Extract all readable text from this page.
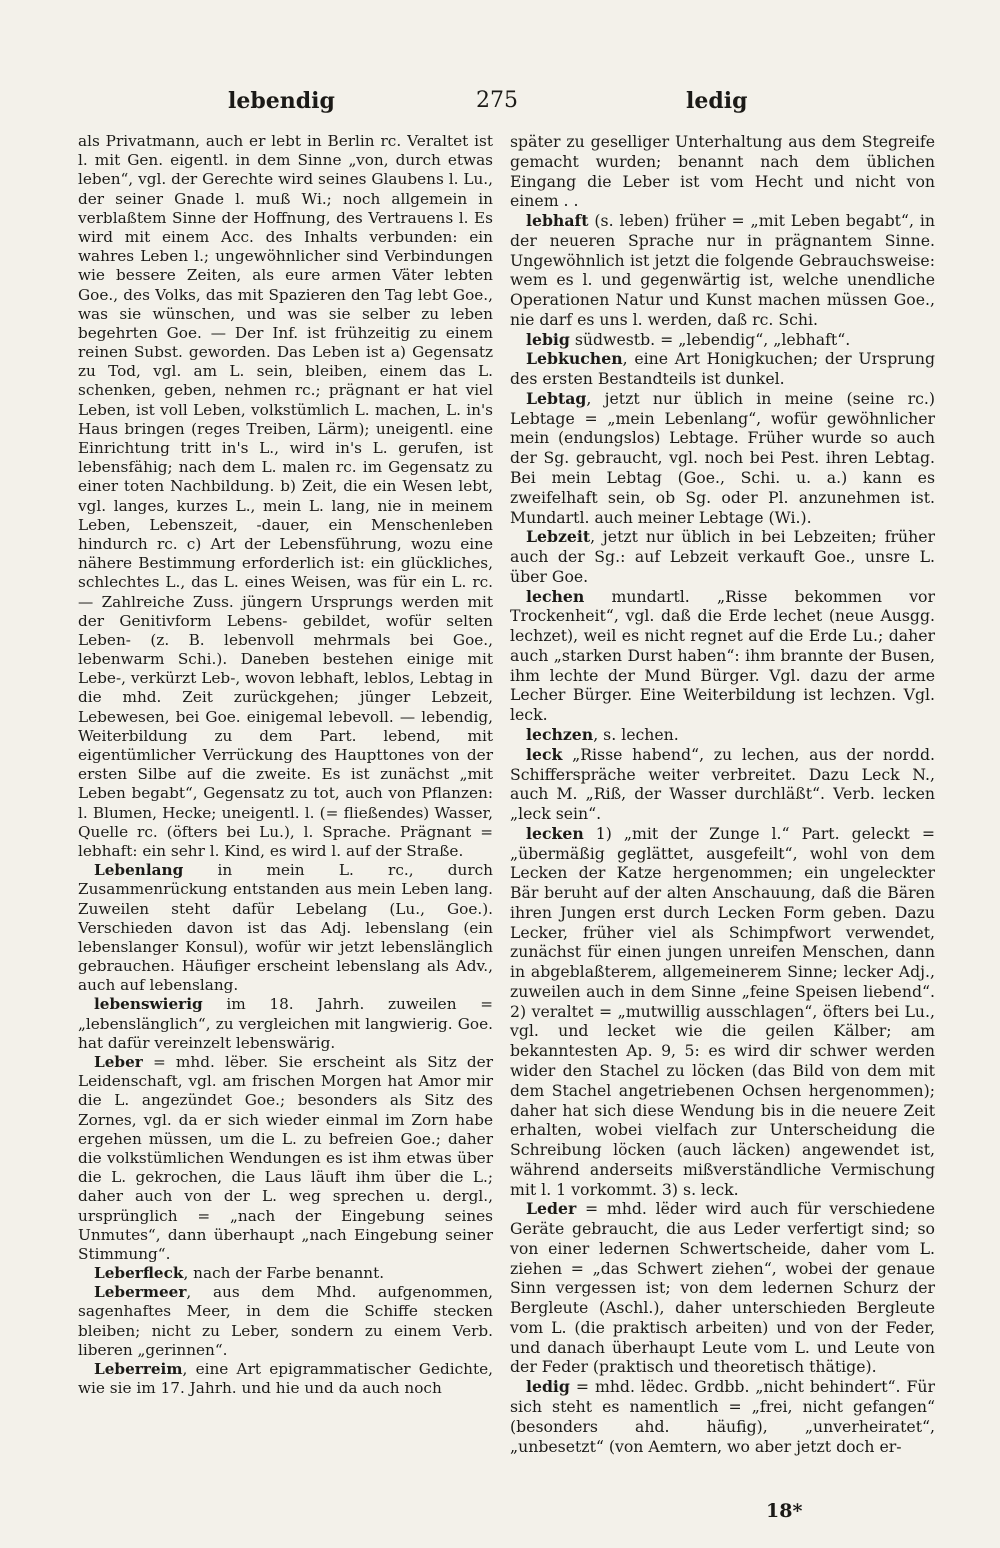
lebendig	275	ledig

als Privatmann, auch er lebt in Berlin rc. Veraltet ist l. mit Gen. eigentl. in dem Sinne „von, durch etwas leben“, vgl. der Gerechte wird seines Glaubens l. Lu., der seiner Gnade l. muß Wi.; noch allgemein in verblaßtem Sinne der Hoffnung, des Vertrauens l. Es wird mit einem Acc. des Inhalts verbunden: ein wahres Leben l.; ungewöhnlicher sind Verbindungen wie bessere Zeiten, als eure armen Väter lebten Goe., des Volks, das mit Spazieren den Tag lebt Goe., was sie wünschen, und was sie selber zu leben begehrten Goe. — Der Inf. ist frühzeitig zu einem reinen Subst. geworden. Das Leben ist a) Gegensatz zu Tod, vgl. am L. sein, bleiben, einem das L. schenken, geben, nehmen rc.; prägnant er hat viel Leben, ist voll Leben, volkstümlich L. machen, L. in's Haus bringen (reges Treiben, Lärm); uneigentl. eine Einrichtung tritt in's L., wird in's L. gerufen, ist lebensfähig; nach dem L. malen rc. im Gegensatz zu einer toten Nachbildung. b) Zeit, die ein Wesen lebt, vgl. langes, kurzes L., mein L. lang, nie in meinem Leben, Lebenszeit, -dauer, ein Menschenleben hindurch rc. c) Art der Lebensführung, wozu eine nähere Bestimmung erforderlich ist: ein glückliches, schlechtes L., das L. eines Weisen, was für ein L. rc. — Zahlreiche Zuss. jüngern Ursprungs werden mit der Genitivform Lebens- gebildet, wofür selten Leben- (z. B. lebenvoll mehrmals bei Goe., lebenwarm Schi.). Daneben bestehen einige mit Lebe-, verkürzt Leb-, wovon lebhaft, leblos, Lebtag in die mhd. Zeit zurückgehen; jünger Lebzeit, Lebewesen, bei Goe. einigemal lebevoll. — lebendig, Weiterbildung zu dem Part. lebend, mit eigentümlicher Verrückung des Haupttones von der ersten Silbe auf die zweite. Es ist zunächst „mit Leben begabt“, Gegensatz zu tot, auch von Pflanzen: l. Blumen, Hecke; uneigentl. l. (= fließendes) Wasser, Quelle rc. (öfters bei Lu.), l. Sprache. Prägnant = lebhaft: ein sehr l. Kind, es wird l. auf der Straße.

Lebenlang in mein L. rc., durch Zusammenrückung entstanden aus mein Leben lang. Zuweilen steht dafür Lebelang (Lu., Goe.). Verschieden davon ist das Adj. lebenslang (ein lebenslanger Konsul), wofür wir jetzt lebenslänglich gebrauchen. Häufiger erscheint lebenslang als Adv., auch auf lebenslang.

lebenswierig im 18. Jahrh. zuweilen = „lebenslänglich“, zu vergleichen mit langwierig. Goe. hat dafür vereinzelt lebenswärig.

Leber = mhd. lëber. Sie erscheint als Sitz der Leidenschaft, vgl. am frischen Morgen hat Amor mir die L. angezündet Goe.; besonders als Sitz des Zornes, vgl. da er sich wieder einmal im Zorn habe ergehen müssen, um die L. zu befreien Goe.; daher die volkstümlichen Wendungen es ist ihm etwas über die L. gekrochen, die Laus läuft ihm über die L.; daher auch von der L. weg sprechen u. dergl., ursprünglich = „nach der Eingebung seines Unmutes“, dann überhaupt „nach Eingebung seiner Stimmung“.

Leberfleck, nach der Farbe benannt.

Lebermeer, aus dem Mhd. aufgenommen, sagenhaftes Meer, in dem die Schiffe stecken bleiben; nicht zu Leber, sondern zu einem Verb. liberen „gerinnen“.

Leberreim, eine Art epigrammatischer Gedichte, wie sie im 17. Jahrh. und hie und da auch noch

später zu geselliger Unterhaltung aus dem Stegreife gemacht wurden; benannt nach dem üblichen Eingang die Leber ist vom Hecht und nicht von einem . .

lebhaft (s. leben) früher = „mit Leben begabt“, in der neueren Sprache nur in prägnantem Sinne. Ungewöhnlich ist jetzt die folgende Gebrauchsweise: wem es l. und gegenwärtig ist, welche unendliche Operationen Natur und Kunst machen müssen Goe., nie darf es uns l. werden, daß rc. Schi.

lebig südwestb. = „lebendig“, „lebhaft“.

Lebkuchen, eine Art Honigkuchen; der Ursprung des ersten Bestandteils ist dunkel.

Lebtag, jetzt nur üblich in meine (seine rc.) Lebtage = „mein Lebenlang“, wofür gewöhnlicher mein (endungslos) Lebtage. Früher wurde so auch der Sg. gebraucht, vgl. noch bei Pest. ihren Lebtag. Bei mein Lebtag (Goe., Schi. u. a.) kann es zweifelhaft sein, ob Sg. oder Pl. anzunehmen ist. Mundartl. auch meiner Lebtage (Wi.).

Lebzeit, jetzt nur üblich in bei Lebzeiten; früher auch der Sg.: auf Lebzeit verkauft Goe., unsre L. über Goe.

lechen mundartl. „Risse bekommen vor Trockenheit“, vgl. daß die Erde lechet (neue Ausgg. lechzet), weil es nicht regnet auf die Erde Lu.; daher auch „starken Durst haben“: ihm brannte der Busen, ihm lechte der Mund Bürger. Vgl. dazu der arme Lecher Bürger. Eine Weiterbildung ist lechzen. Vgl. leck.

lechzen, s. lechen.

leck „Risse habend“, zu lechen, aus der nordd. Schifferspräche weiter verbreitet. Dazu Leck N., auch M. „Riß, der Wasser durchläßt“. Verb. lecken „leck sein“.

lecken 1) „mit der Zunge l.“ Part. geleckt = „übermäßig geglättet, ausgefeilt“, wohl von dem Lecken der Katze hergenommen; ein ungeleckter Bär beruht auf der alten Anschauung, daß die Bären ihren Jungen erst durch Lecken Form geben. Dazu Lecker, früher viel als Schimpfwort verwendet, zunächst für einen jungen unreifen Menschen, dann in abgeblaßterem, allgemeinerem Sinne; lecker Adj., zuweilen auch in dem Sinne „feine Speisen liebend“. 2) veraltet = „mutwillig ausschlagen“, öfters bei Lu., vgl. und lecket wie die geilen Kälber; am bekanntesten Ap. 9, 5: es wird dir schwer werden wider den Stachel zu löcken (das Bild von dem mit dem Stachel angetriebenen Ochsen hergenommen); daher hat sich diese Wendung bis in die neuere Zeit erhalten, wobei vielfach zur Unterscheidung die Schreibung löcken (auch läcken) angewendet ist, während anderseits mißverständliche Vermischung mit l. 1 vorkommt. 3) s. leck.

Leder = mhd. lëder wird auch für verschiedene Geräte gebraucht, die aus Leder verfertigt sind; so von einer ledernen Schwertscheide, daher vom L. ziehen = „das Schwert ziehen“, wobei der genaue Sinn vergessen ist; von dem ledernen Schurz der Bergleute (Aschl.), daher unterschieden Bergleute vom L. (die praktisch arbeiten) und von der Feder, und danach überhaupt Leute vom L. und Leute von der Feder (praktisch und theoretisch thätige).

ledig = mhd. lëdec. Grdbb. „nicht behindert“. Für sich steht es namentlich = „frei, nicht gefangen“ (besonders ahd. häufig), „unverheiratet“, „unbesetzt“ (von Aemtern, wo aber jetzt doch er-

18*
